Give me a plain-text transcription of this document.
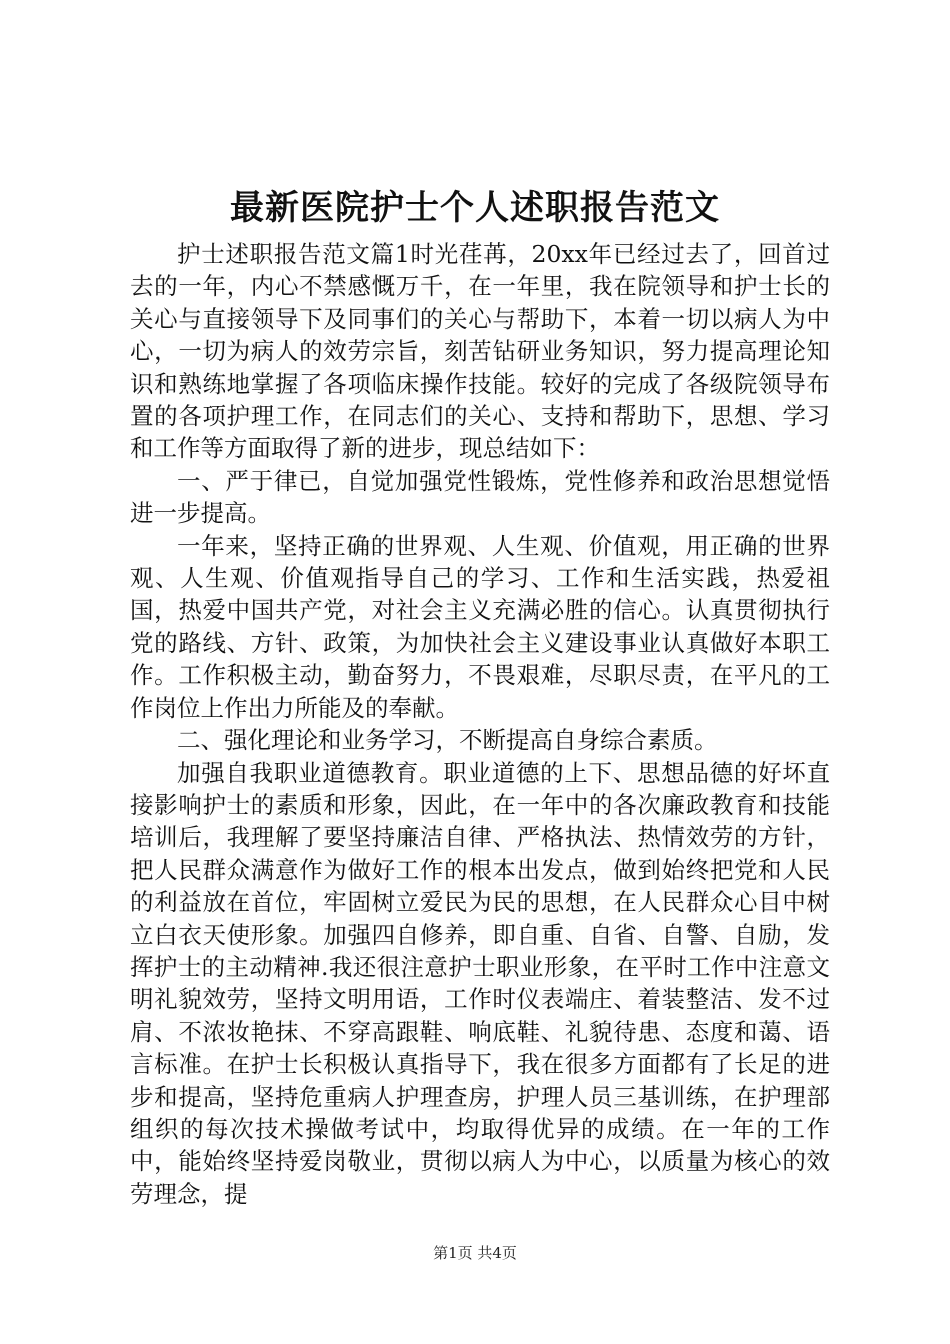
最新医院护士个人述职报告范文

护士述职报告范文篇1时光荏苒，20xx年已经过去了，回首过去的一年，内心不禁感慨万千，在一年里，我在院领导和护士长的关心与直接领导下及同事们的关心与帮助下，本着一切以病人为中心，一切为病人的效劳宗旨，刻苦钻研业务知识，努力提高理论知识和熟练地掌握了各项临床操作技能。较好的完成了各级院领导布置的各项护理工作，在同志们的关心、支持和帮助下，思想、学习和工作等方面取得了新的进步，现总结如下：

一、严于律已，自觉加强党性锻炼，党性修养和政治思想觉悟进一步提高。

一年来，坚持正确的世界观、人生观、价值观，用正确的世界观、人生观、价值观指导自己的学习、工作和生活实践，热爱祖国，热爱中国共产党，对社会主义充满必胜的信心。认真贯彻执行党的路线、方针、政策，为加快社会主义建设事业认真做好本职工作。工作积极主动，勤奋努力，不畏艰难，尽职尽责，在平凡的工作岗位上作出力所能及的奉献。

二、强化理论和业务学习，不断提高自身综合素质。

加强自我职业道德教育。职业道德的上下、思想品德的好坏直接影响护士的素质和形象，因此，在一年中的各次廉政教育和技能培训后，我理解了要坚持廉洁自律、严格执法、热情效劳的方针，把人民群众满意作为做好工作的根本出发点，做到始终把党和人民的利益放在首位，牢固树立爱民为民的思想，在人民群众心目中树立白衣天使形象。加强四自修养，即自重、自省、自警、自励，发挥护士的主动精神.我还很注意护士职业形象，在平时工作中注意文明礼貌效劳，坚持文明用语，工作时仪表端庄、着装整洁、发不过肩、不浓妆艳抹、不穿高跟鞋、响底鞋、礼貌待患、态度和蔼、语言标准。在护士长积极认真指导下，我在很多方面都有了长足的进步和提高，坚持危重病人护理查房，护理人员三基训练，在护理部组织的每次技术操做考试中，均取得优异的成绩。在一年的工作中，能始终坚持爱岗敬业，贯彻以病人为中心，以质量为核心的效劳理念，提

第1页 共4页
